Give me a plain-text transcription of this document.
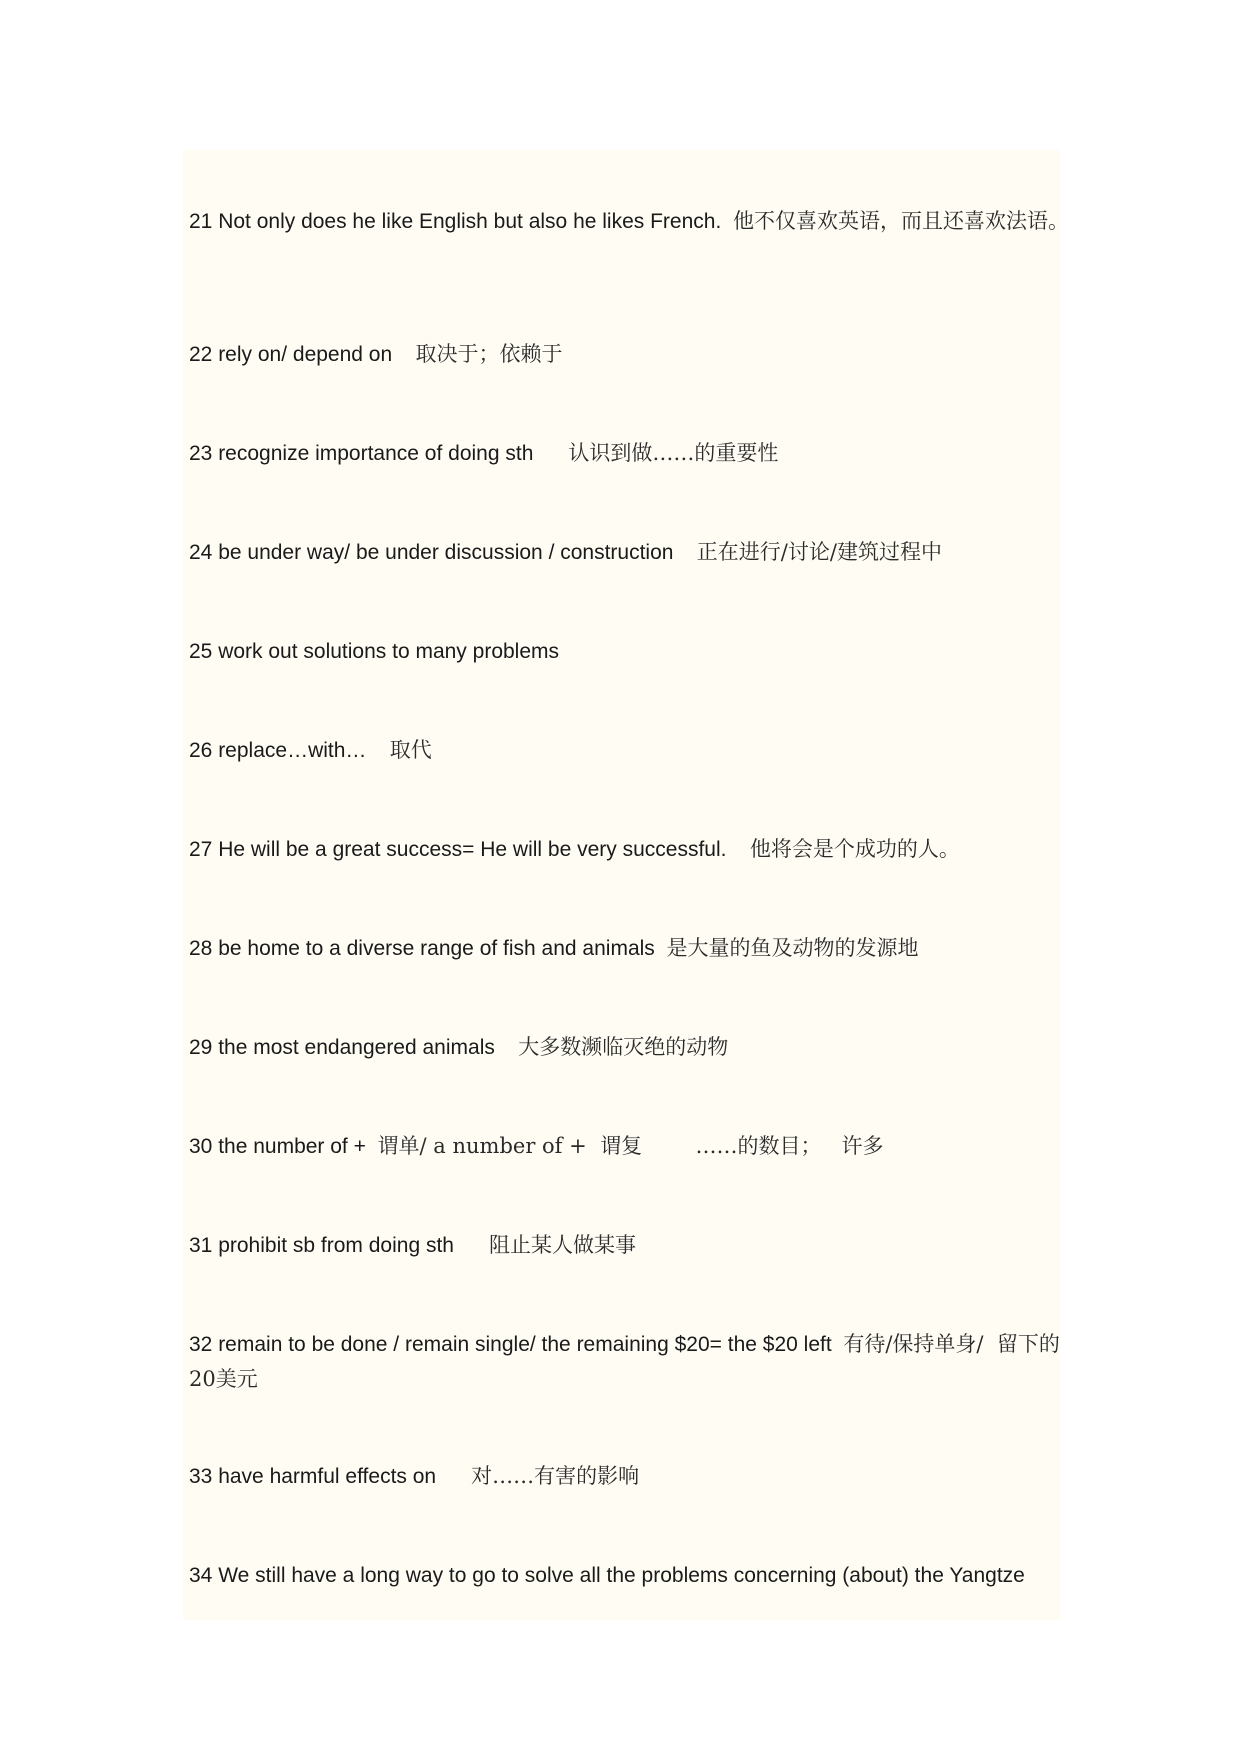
21 Not only does he like English but also he likes French.  他不仅喜欢英语，而且还喜欢法语。

22 rely on/ depend on    取决于；依赖于

23 recognize importance of doing sth      认识到做……的重要性

24 be under way/ be under discussion / construction    正在进行/讨论/建筑过程中

25 work out solutions to many problems

26 replace…with…    取代

27 He will be a great success= He will be very successful.    他将会是个成功的人。

28 be home to a diverse range of fish and animals  是大量的鱼及动物的发源地

29 the most endangered animals    大多数濒临灭绝的动物

30 the number of +  谓单/ a number of +  谓复        ……的数目；   许多

31 prohibit sb from doing sth      阻止某人做某事

32 remain to be done / remain single/ the remaining $20= the $20 left  有待/保持单身/  留下的20美元

33 have harmful effects on      对……有害的影响

34 We still have a long way to go to solve all the problems concerning (about) the Yangtze
